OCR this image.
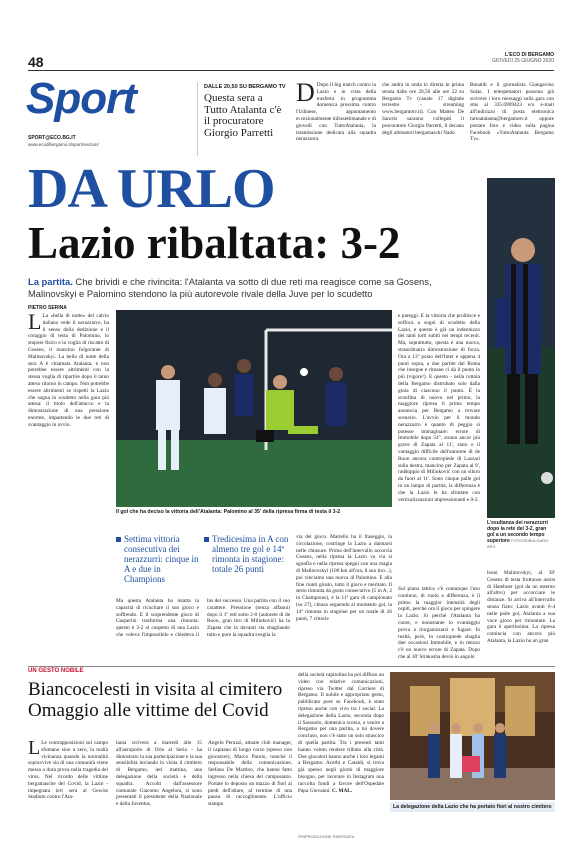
48	L'ECO DI BERGAMO
GIOVEDÌ 25 GIUGNO 2020
Sport
SPORT@ECO.BG.IT
www.ecodibergamo.it/sport/section/
DALLE 20,50 SU BERGAMO TV
Questa sera a Tutto Atalanta c'è il procuratore Giorgio Parretti
D Dopo il big match contro la Lazio e in vista della trasferta in programma domenica prossima contro l'Udinese, appuntamento eccezionalmente infrasettimanale e di giovedì con TuttoAtalanta, la trasmissione dedicata alla squadra nerazzurra
che andrà in onda in diretta in prima serata dalle ore 20,50 alle ore 22 su Bergamo Tv (canale 17 digitale terrestre - streaming www.bergamotv.it). Con Matteo De Sanctis saranno collegati il procuratore Giorgio Parretti, il decano degli allenatori bergamaschi Nado
Bonaldi e il giornalista Giangavino Sulas. I telespettatori possono già scrivere i loro messaggi sulla gara con sms al 335.6969423 e/o e-mail all'indirizzo di posta elettronica tuttoatalanta@bergamotv.it oppure postare foto e video sulla pagina Facebook «TuttoAtalanta Bergamo Tv».
DA URLO
Lazio ribaltata: 3-2
La partita. Che brividi e che rivincita: l'Atalanta va sotto di due reti ma reagisce come sa Gosens, Malinovskyi e Palomino stendono la più autorevole rivale della Juve per lo scudetto
L'esultanza dei nerazzurri dopo la rete del 3-2, gran gol a un secondo tempo superiore FOTOSEIBULGARO APG
PIETRO SERINA
L La «bella di notte» del calcio italiano vede il nerazzurro, ha il senso della dedizione e il coraggio di testa di Palomino, lo stupore fisico e la voglia di riscatto di Gosens, il mancino folgorante di Malinovskyi. La bella di notte della sera A è chiamata Atalanta, e non potrebbe essere altrimenti con la stessa voglia di ripartire dopo il tanto atteso ritorno in campo. Non potrebbe essere altrimenti se rispetti la Lazio che sogna lo scudetto nella gara più attesa: il titolo dell'attacco e la dimostrazione di una pressione enorme, impartendo le due reti di svantaggio in avvio.
Il gol che ha deciso la vittoria dell'Atalanta: Palomino al 35' della ripresa firma di testa il 3-2
e pareggi. E la vittoria che proibisce e soffoca a sogni di scudetto della Lazio, e questo è già un indennizzo dei tanti torti subiti nei tempi recenti. Ma, soprattutto, questa è una nuova, straordinaria dimostrazione di forza. Ora a 13º posto dell'Inter e appena 4 punti sopra, a due partite dal Roma che insegue e rimane ci dà il punto in più (vigore!). E questo - nella rottola della Bergamo distrubato solo dalla gioia di ciascuno il punto. È la sconfitta di nuovo nel primo, la maggiore ripresa il primo tempo annuncia per Bergamo a trovare scenario. L'avvio per il mondo nerazzurro è quanto di peggio si potesse immaginare: errore di Immobile dopo 54", strano ancor più grave di Zapata al 11', stato e il vantaggio difficile dell'autorete di de Roon ancora contropiede di Lazzari sulla destra, mancino per Zapata al 9', raddoppio di Milinković con un siluro da fuori al 11'. Sono cinque palle gol in un lampo di partita, la differenza è che la Lazio le ha sfruttate con verticalizzazioni impressionanti e 0-2.
Settima vittoria consecutiva dei nerazzurri: cinque in A e due in Champions
Tredicesima in A con almeno tre gol e 14ª rimonta in stagione: totale 26 punti
via del gioco. Martello ha il fraseggio, la circolazione, costringe la Lazio a dannarsi nelle chiusure. Prima dell'intervallo accorcia Gosens, nella ripresa la Lazio va via si sgonfia e nella ripresa spegni con una magia di Malinovskyi (106 km all'ora, il suo tiro...), poi vinciamo una nuova di Palomino. E alla fine riunti giusto, tutto il gioco e meritato. Il sesto rimonta da gusto consecutivo (5 in A, 2 in Champions), è la 11ª gara di campionato (su 27), chiusa seguendo al momento gol, la 14ª rimonta in stagione per un totale di 26 punti, 7 vittorie
Sul piano tattico c'è comunque l'uso continuo, di ruolo a differenza, è il primo la maggior intensità degli ospiti, perché ora il gioco per spingere la Lazio. Si perché l'Atalanta ha cuore, e nonostante lo svantaggio prova a riorganizzarsi e fugare. In realtà, però, in contropiede sbaglia due occasioni Immobile, e in mezzo c'è un nuovo errore di Zapata. Dopo che al 30' Strakosha deviò in angolo
leoni Malinovskyi, al 38' Gosens di testa fruttuoso assist di Hateboer (gol da un esterno all'altro) per accorciare le distanze. Si arriva all'intervallo senza fiato: Lazio avanti 6-4 nelle palle gol, Atalanta a sua voce gioco per rimontare. La gara è apertissima. La ripresa comincia con ancora più Atalanta, la Lazio ha un gran
Ma questa Atalanta ha intatta la capacità di ricucitare il suo gioco e soffrendo. E il sorprendente gioco di Gasperini trasforma una rimonta: questo è 3-2 al cospetto di una Lazio che voleva l'impossibile e chiedeva il bis del successo. Una partita con il suo carattere. Pressione (senza affanni) dopo il 1º reti sotto 2-0 (autorete di de Roon, gran tiro di Milinković) ha la Zapata che la davanti sta sbagliando tutto e pure la squadra sveglia la
UN GESTO NOBILE
Biancocelesti in visita al cimitero
Omaggio alle vittime del Covid
L Le contrapposizioni sul campo sfumano sino a zero, la realtà vicinanza quando la normalità sopravvive sia di una comunità viene messa a dura prova nella tragedia del virus. Nel ricordo delle vittime bergamasche del Covid, la Lazio - impegnata ieri sera al Gewiss Stadium contro l'Ata-
lanta scriverà a martedì alle 15 all'aeroporto di Orio al Serio - ha dimostrato la sua partecipazione e la sua sensibilità inviando in visita il cimitero di Bergamo, ieri mattina, una delegazione della società e della squadra. Accolti dall'assessore comunale Giacomo Angeloni, si sono presentati il presidente della Nazionale e della Juventus,
Angelo Peruzzi, attuale club manager, il capitano di lungo corso (spesso non giocatore), Marco Parolo, nonché il responsabile della comunicazione, Stefano De Martino, che hanno fatto ingresso nella chiesa del camposanto. Portate lo deposto un mazzo di fiori ai piedi dell'altare, al termine di una pausa di raccoglimento. L'ufficio stampa
della società capitolina ha poi diffuso un video con relative comunicazioni, ripreso via Twitter dal Corriere di Bergamo. Il nobile e appropriato gesto, pubblicato pure su Facebook, è stato ripreso anche con vivo tra i social. La delegazione della Lazio, seconda dopo il Sassuolo, domenica scorsa, a venire a Bergamo per una partita, a lui dovere concluso, non c'è stato un solo strascico di quella partita. Tra i presenti tanti hanno voluto rendere tributo alla città. Due giocatori hanno anche i loro legami a Bergamo: Acerbi e Cataldi, si trova già spesso negli giorni di maggiore bisogno, per lavorare in Instagram una raccolta fondi a favore dell'Ospedale Papa Giovanni. C. MAL.
©RIPRODUZIONE RISERVATA
La delegazione della Lazio che ha portato fiori al nostro cimitero
